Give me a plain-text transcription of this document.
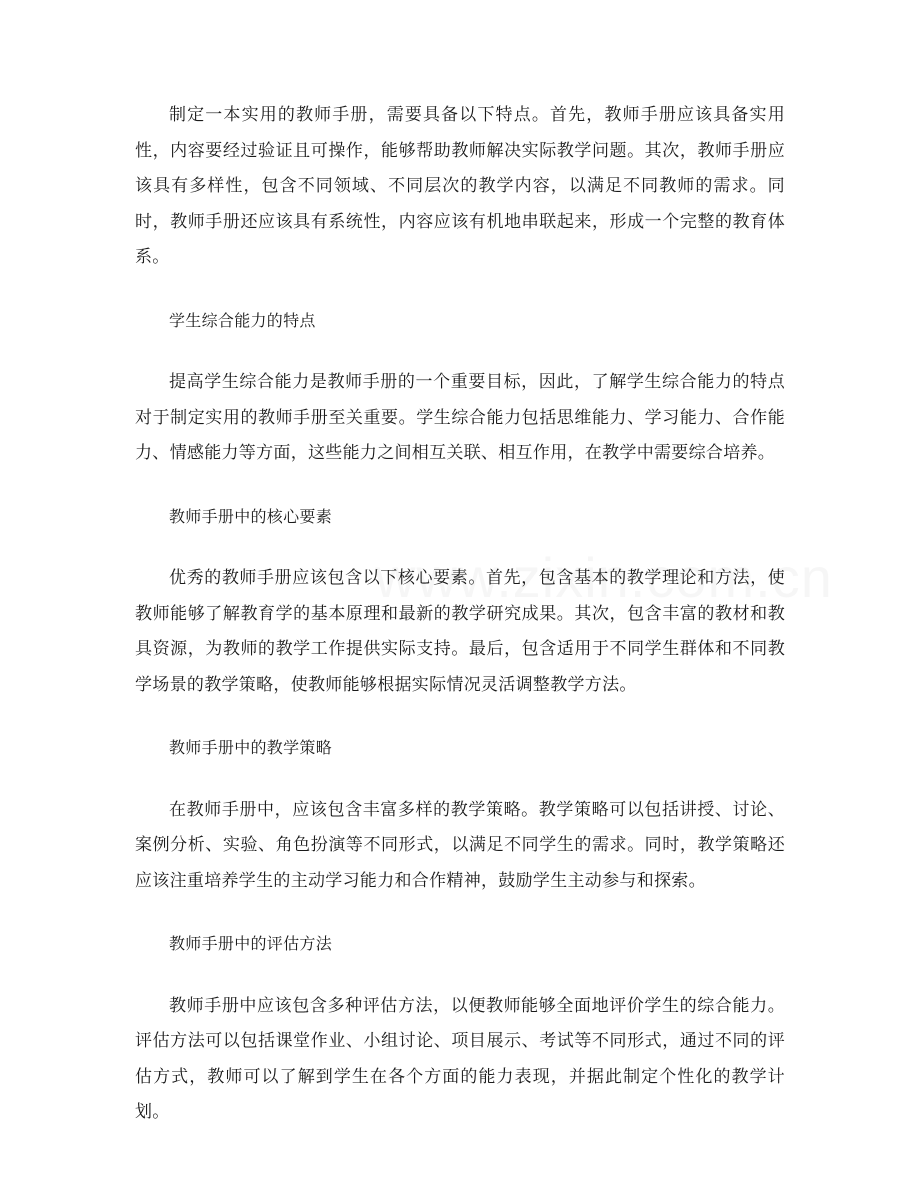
制定一本实用的教师手册，需要具备以下特点。首先，教师手册应该具备实用性，内容要经过验证且可操作，能够帮助教师解决实际教学问题。其次，教师手册应该具有多样性，包含不同领域、不同层次的教学内容，以满足不同教师的需求。同时，教师手册还应该具有系统性，内容应该有机地串联起来，形成一个完整的教育体系。

学生综合能力的特点

提高学生综合能力是教师手册的一个重要目标，因此，了解学生综合能力的特点对于制定实用的教师手册至关重要。学生综合能力包括思维能力、学习能力、合作能力、情感能力等方面，这些能力之间相互关联、相互作用，在教学中需要综合培养。

教师手册中的核心要素

优秀的教师手册应该包含以下核心要素。首先，包含基本的教学理论和方法，使教师能够了解教育学的基本原理和最新的教学研究成果。其次，包含丰富的教材和教具资源，为教师的教学工作提供实际支持。最后，包含适用于不同学生群体和不同教学场景的教学策略，使教师能够根据实际情况灵活调整教学方法。

教师手册中的教学策略

在教师手册中，应该包含丰富多样的教学策略。教学策略可以包括讲授、讨论、案例分析、实验、角色扮演等不同形式，以满足不同学生的需求。同时，教学策略还应该注重培养学生的主动学习能力和合作精神，鼓励学生主动参与和探索。

教师手册中的评估方法

教师手册中应该包含多种评估方法，以便教师能够全面地评价学生的综合能力。评估方法可以包括课堂作业、小组讨论、项目展示、考试等不同形式，通过不同的评估方式，教师可以了解到学生在各个方面的能力表现，并据此制定个性化的教学计划。
